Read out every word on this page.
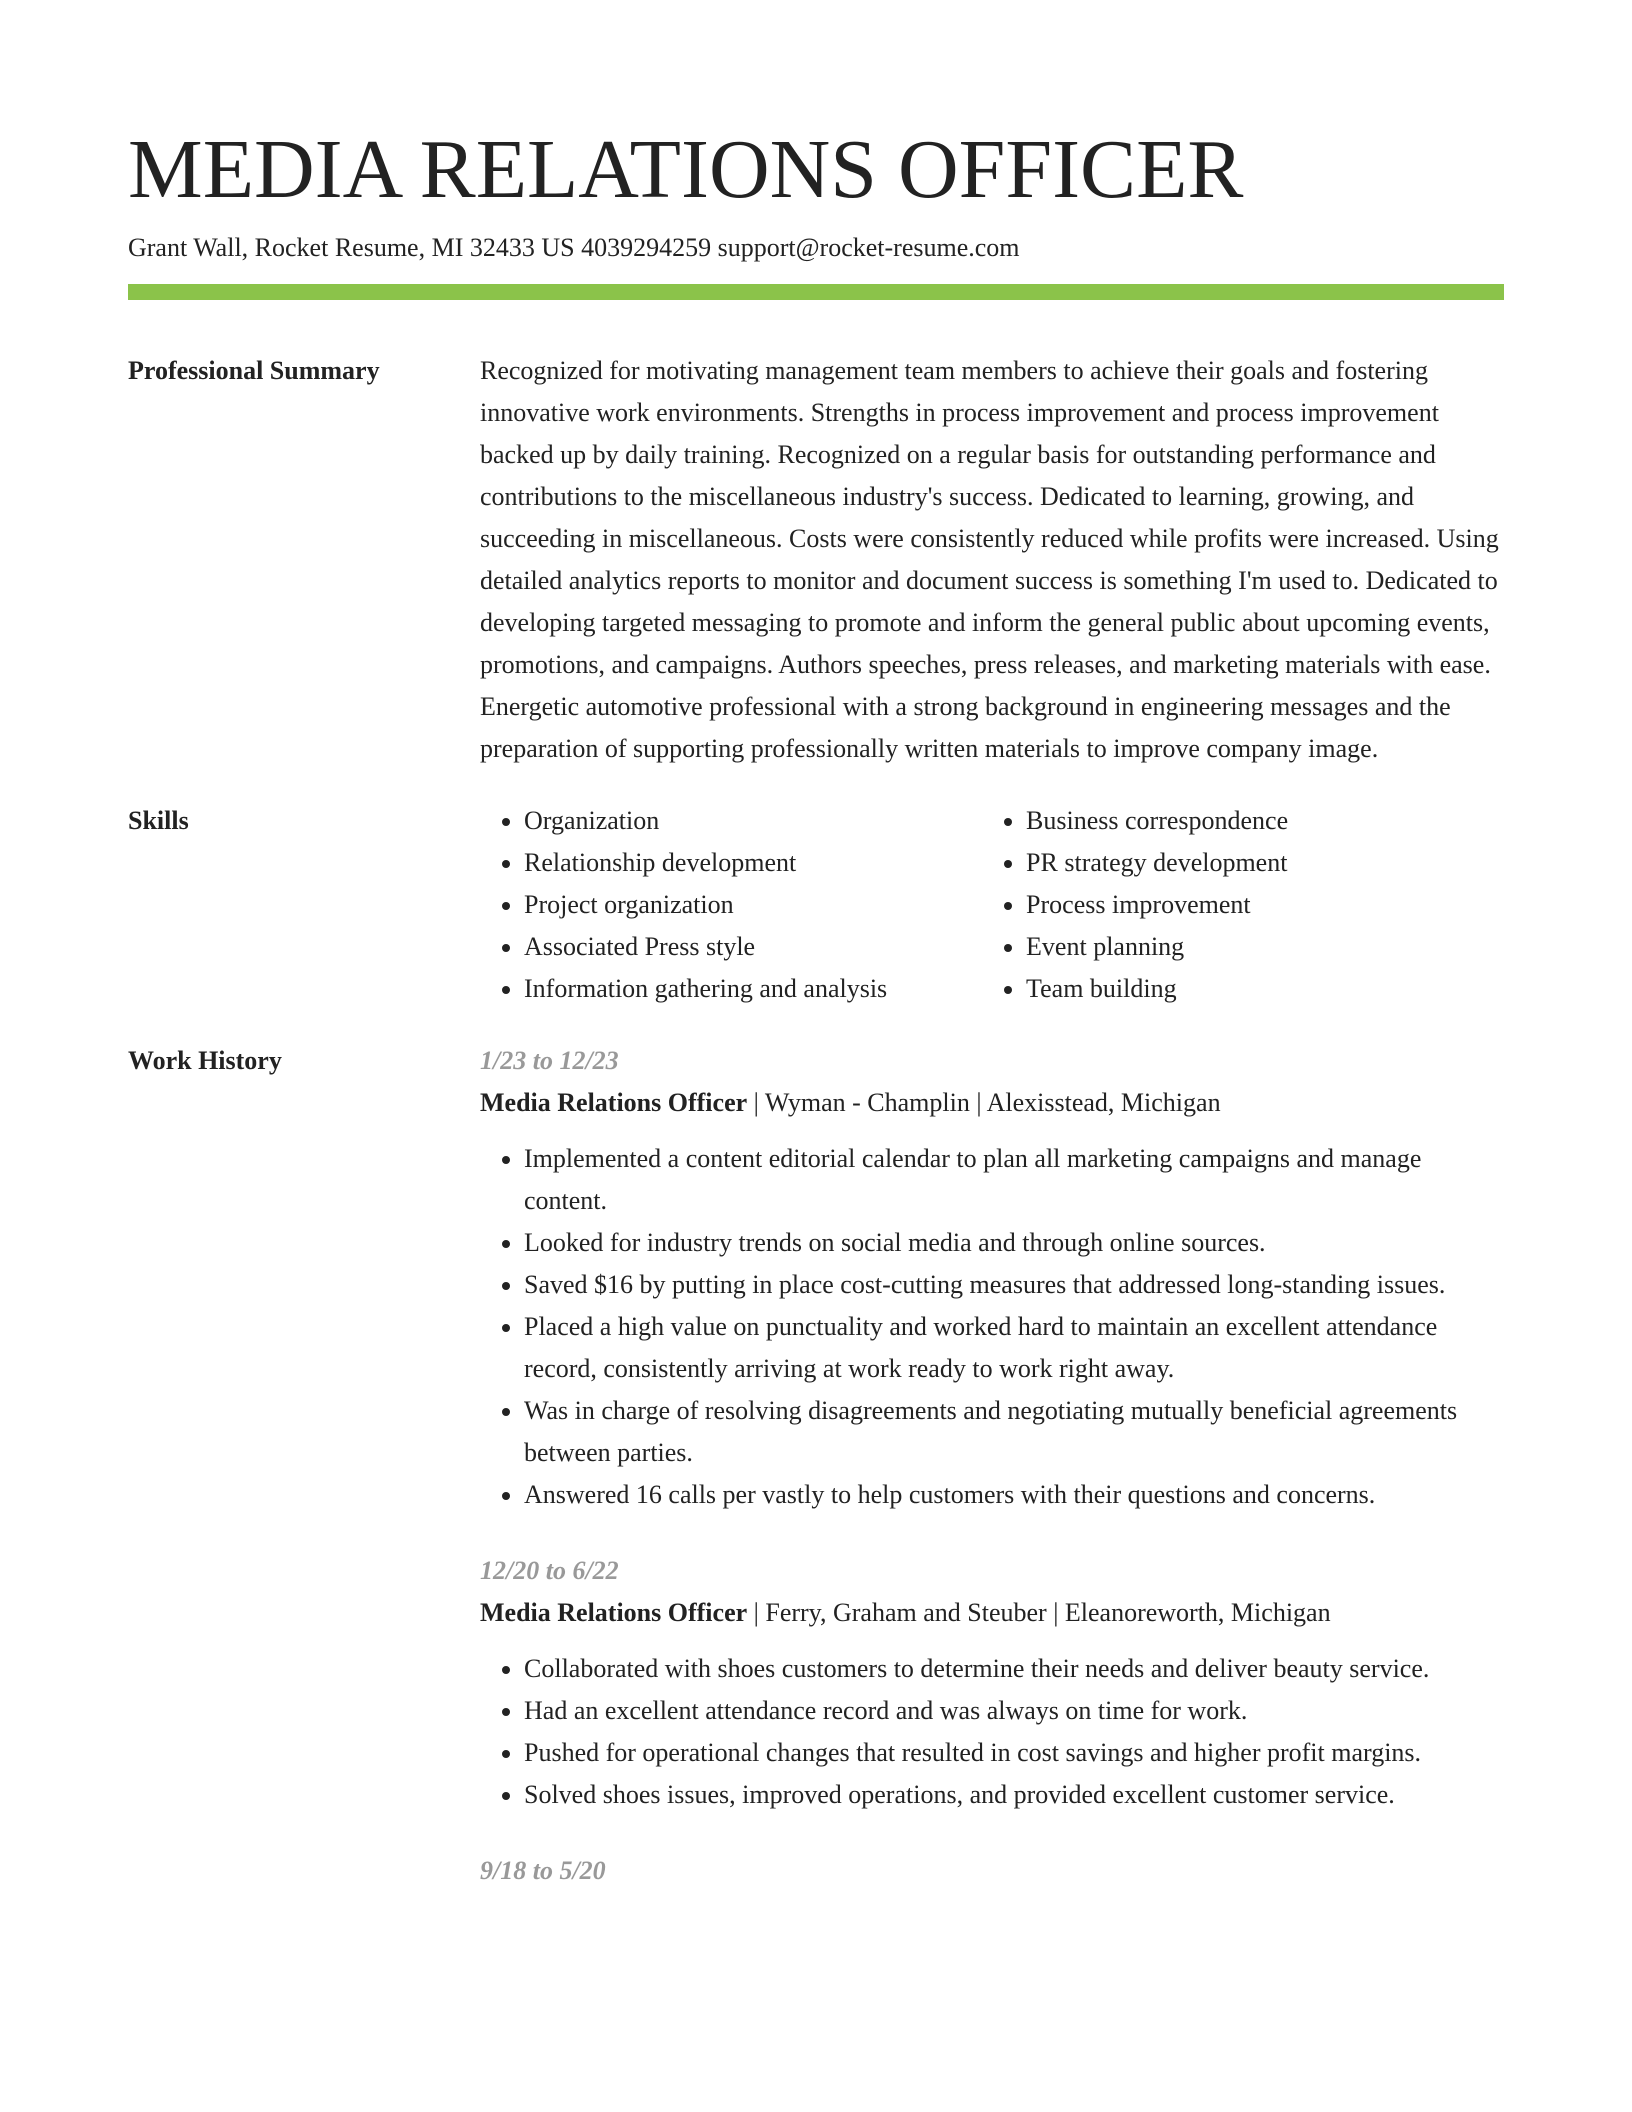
MEDIA RELATIONS OFFICER
Grant Wall, Rocket Resume, MI 32433 US 4039294259 support@rocket-resume.com
Professional Summary	Recognized for motivating management team members to achieve their goals and fostering innovative work environments. Strengths in process improvement and process improvement backed up by daily training. Recognized on a regular basis for outstanding performance and contributions to the miscellaneous industry's success. Dedicated to learning, growing, and succeeding in miscellaneous. Costs were consistently reduced while profits were increased. Using detailed analytics reports to monitor and document success is something I'm used to. Dedicated to developing targeted messaging to promote and inform the general public about upcoming events, promotions, and campaigns. Authors speeches, press releases, and marketing materials with ease. Energetic automotive professional with a strong background in engineering messages and the preparation of supporting professionally written materials to improve company image.

Skills
•	Organization
• Relationship development
• Project organization
• Associated Press style
• Information gathering and analysis
• Business correspondence
• PR strategy development
• Process improvement
• Event planning
• Team building
Work History	1/23 to 12/23
Media Relations Officer | Wyman - Champlin | Alexisstead, Michigan
• Implemented a content editorial calendar to plan all marketing campaigns and manage content.
• Looked for industry trends on social media and through online sources.
• Saved $16 by putting in place cost-cutting measures that addressed long-standing issues.
• Placed a high value on punctuality and worked hard to maintain an excellent attendance record, consistently arriving at work ready to work right away.
• Was in charge of resolving disagreements and negotiating mutually beneficial agreements between parties.
• Answered 16 calls per vastly to help customers with their questions and concerns.
12/20 to 6/22
Media Relations Officer | Ferry, Graham and Steuber | Eleanoreworth, Michigan
• Collaborated with shoes customers to determine their needs and deliver beauty service.
• Had an excellent attendance record and was always on time for work.
• Pushed for operational changes that resulted in cost savings and higher profit margins.
• Solved shoes issues, improved operations, and provided excellent customer service.
9/18 to 5/20
